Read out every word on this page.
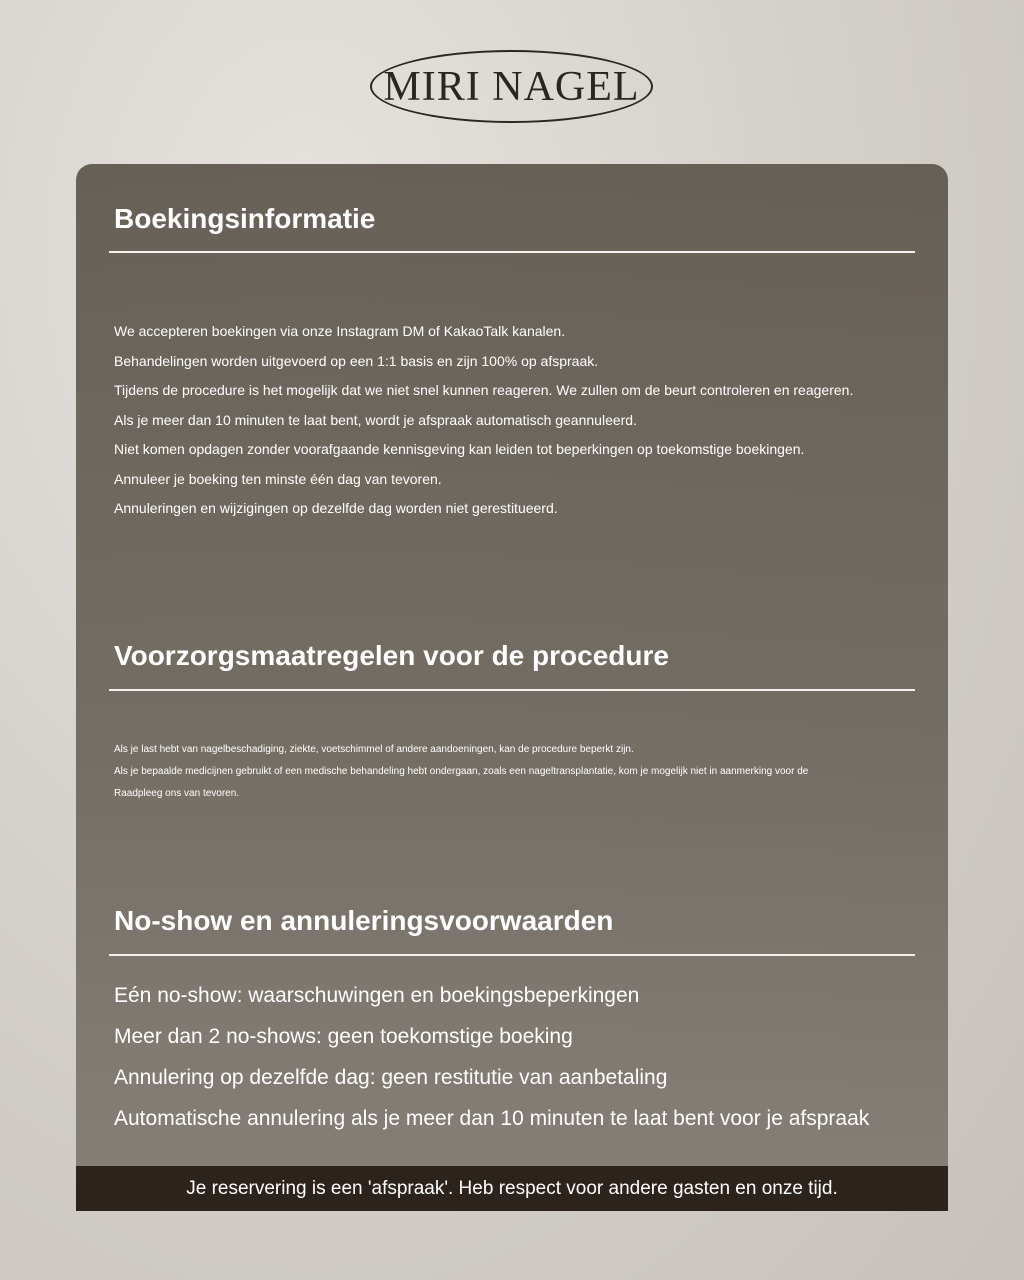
MIRI NAGEL
Boekingsinformatie
We accepteren boekingen via onze Instagram DM of KakaoTalk kanalen.
Behandelingen worden uitgevoerd op een 1:1 basis en zijn 100% op afspraak.
Tijdens de procedure is het mogelijk dat we niet snel kunnen reageren. We zullen om de beurt controleren en reageren.
Als je meer dan 10 minuten te laat bent, wordt je afspraak automatisch geannuleerd.
Niet komen opdagen zonder voorafgaande kennisgeving kan leiden tot beperkingen op toekomstige boekingen.
Annuleer je boeking ten minste één dag van tevoren.
Annuleringen en wijzigingen op dezelfde dag worden niet gerestitueerd.
Voorzorgsmaatregelen voor de procedure
Als je last hebt van nagelbeschadiging, ziekte, voetschimmel of andere aandoeningen, kan de procedure beperkt zijn.
Als je bepaalde medicijnen gebruikt of een medische behandeling hebt ondergaan, zoals een nageltransplantatie, kom je mogelijk niet in aanmerking voor de
Raadpleeg ons van tevoren.
No-show en annuleringsvoorwaarden
Eén no-show: waarschuwingen en boekingsbeperkingen
Meer dan 2 no-shows: geen toekomstige boeking
Annulering op dezelfde dag: geen restitutie van aanbetaling
Automatische annulering als je meer dan 10 minuten te laat bent voor je afspraak
Je reservering is een 'afspraak'. Heb respect voor andere gasten en onze tijd.
